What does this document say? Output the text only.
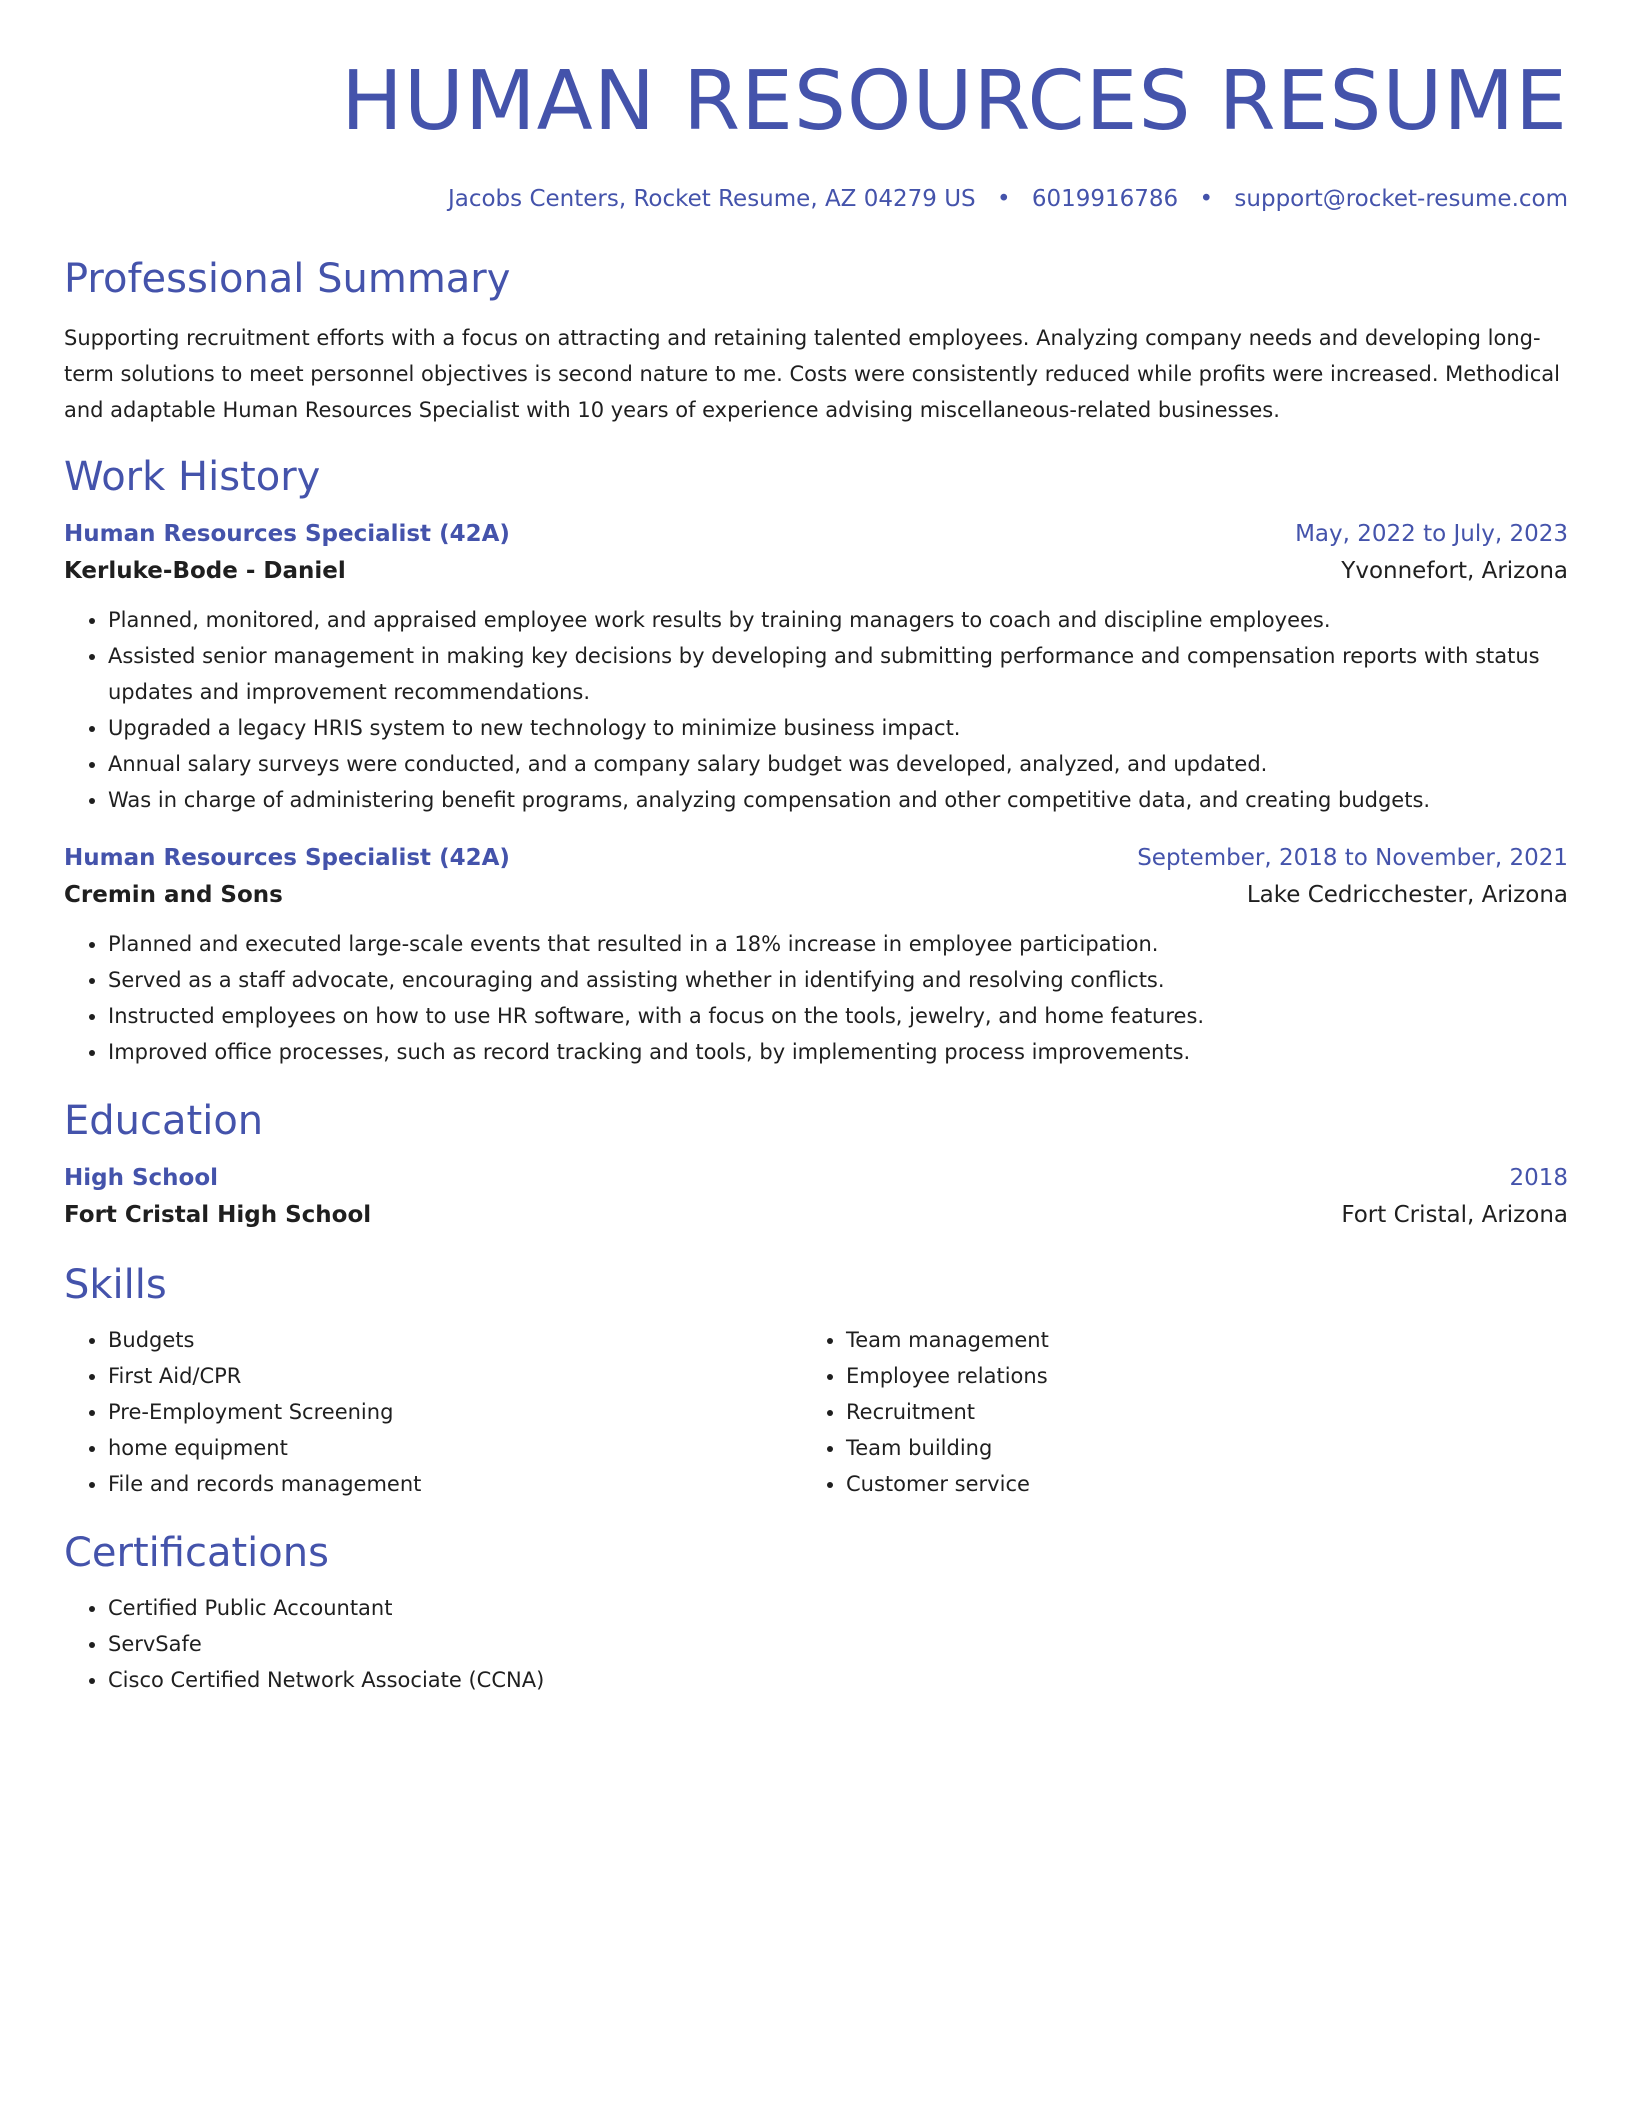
HUMAN RESOURCES RESUME
Jacobs Centers, Rocket Resume, AZ 04279 US • 6019916786 • support@rocket-resume.com
Professional Summary
Supporting recruitment efforts with a focus on attracting and retaining talented employees. Analyzing company needs and developing long-term solutions to meet personnel objectives is second nature to me. Costs were consistently reduced while profits were increased. Methodical and adaptable Human Resources Specialist with 10 years of experience advising miscellaneous-related businesses.
Work History
Human Resources Specialist (42A)	May, 2022 to July, 2023
Kerluke-Bode - Daniel	Yvonnefort, Arizona
• Planned, monitored, and appraised employee work results by training managers to coach and discipline employees.
• Assisted senior management in making key decisions by developing and submitting performance and compensation reports with status updates and improvement recommendations.
• Upgraded a legacy HRIS system to new technology to minimize business impact.
• Annual salary surveys were conducted, and a company salary budget was developed, analyzed, and updated.
• Was in charge of administering benefit programs, analyzing compensation and other competitive data, and creating budgets.
Human Resources Specialist (42A)	September, 2018 to November, 2021
Cremin and Sons	Lake Cedricchester, Arizona
• Planned and executed large-scale events that resulted in a 18% increase in employee participation.
• Served as a staff advocate, encouraging and assisting whether in identifying and resolving conflicts.
• Instructed employees on how to use HR software, with a focus on the tools, jewelry, and home features.
• Improved office processes, such as record tracking and tools, by implementing process improvements.
Education
High School	2018
Fort Cristal High School	Fort Cristal, Arizona
Skills
• Budgets
• First Aid/CPR
• Pre-Employment Screening
• home equipment
• File and records management
• Team management
• Employee relations
• Recruitment
• Team building
• Customer service
Certifications
• Certified Public Accountant
• ServSafe
• Cisco Certified Network Associate (CCNA)
